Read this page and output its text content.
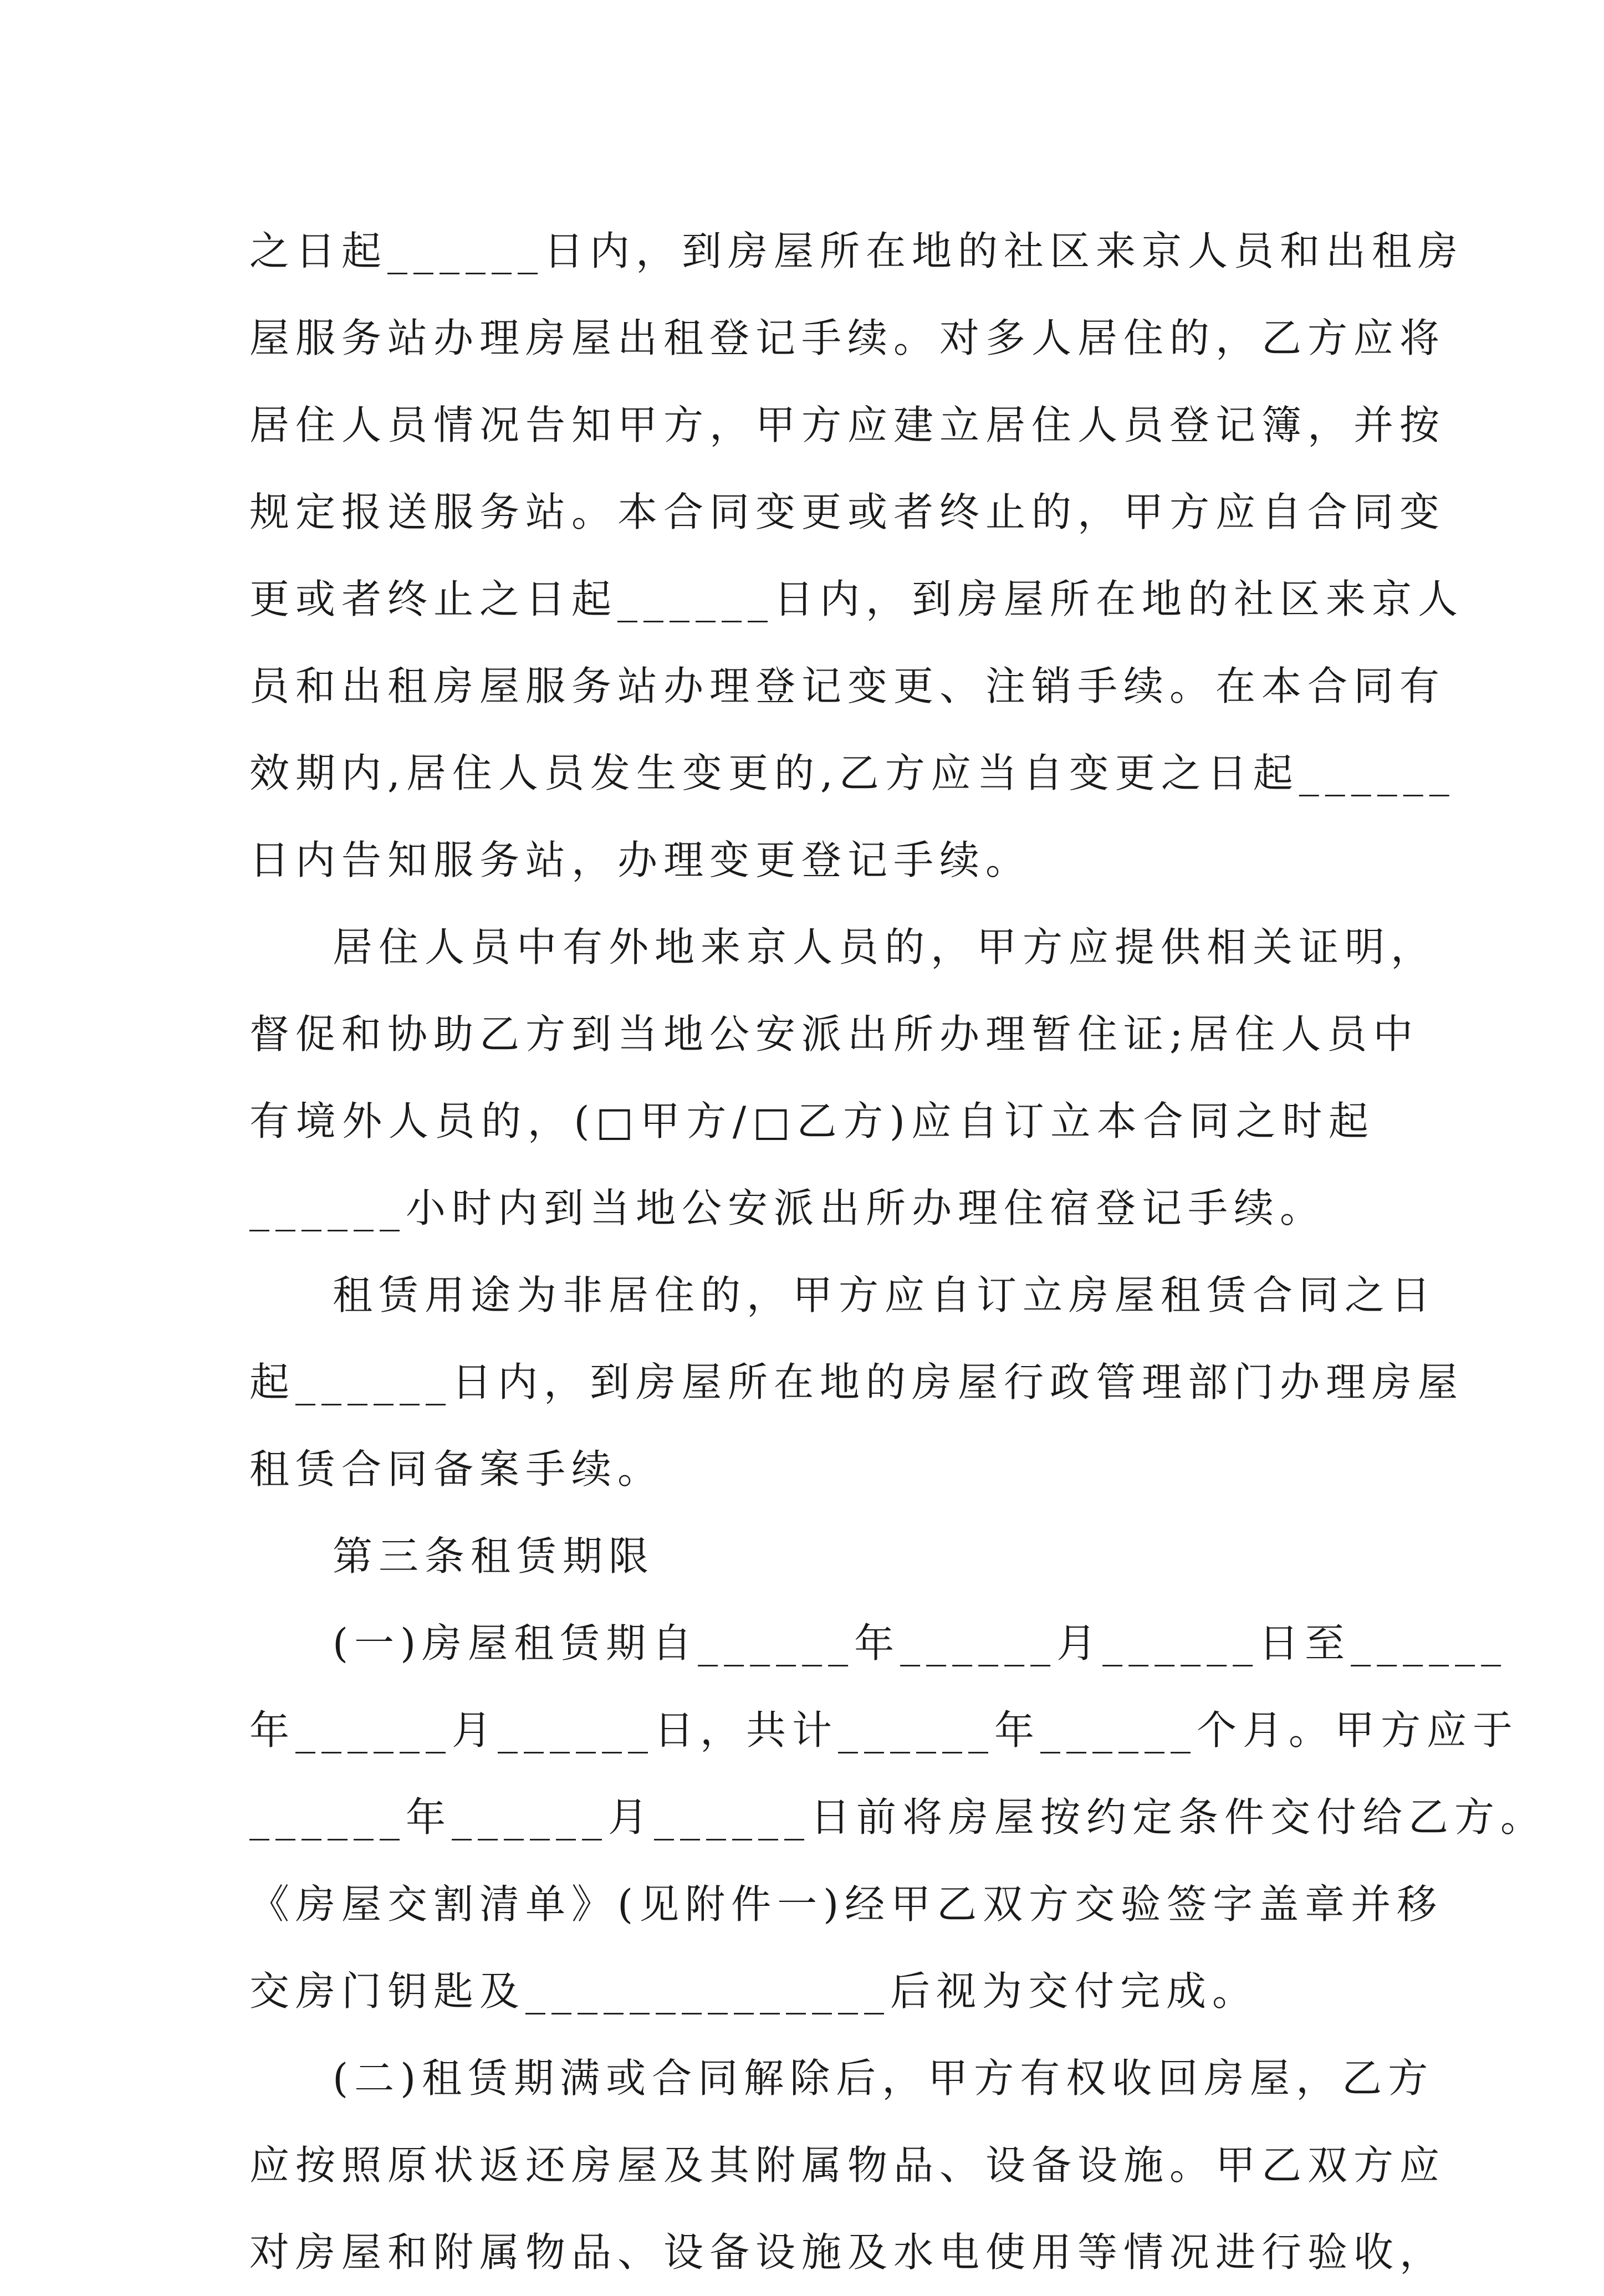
之日起______日内，到房屋所在地的社区来京人员和出租房
屋服务站办理房屋出租登记手续。对多人居住的，乙方应将
居住人员情况告知甲方，甲方应建立居住人员登记簿，并按
规定报送服务站。本合同变更或者终止的，甲方应自合同变
更或者终止之日起______日内，到房屋所在地的社区来京人
员和出租房屋服务站办理登记变更、注销手续。在本合同有
效期内,居住人员发生变更的,乙方应当自变更之日起______
日内告知服务站，办理变更登记手续。
居住人员中有外地来京人员的，甲方应提供相关证明，
督促和协助乙方到当地公安派出所办理暂住证;居住人员中
有境外人员的，(□甲方/□乙方)应自订立本合同之时起
______小时内到当地公安派出所办理住宿登记手续。
租赁用途为非居住的，甲方应自订立房屋租赁合同之日
起______日内，到房屋所在地的房屋行政管理部门办理房屋
租赁合同备案手续。
第三条租赁期限
(一)房屋租赁期自______年______月______日至______
年______月______日，共计______年______个月。甲方应于
______年______月______日前将房屋按约定条件交付给乙方。
《房屋交割清单》(见附件一)经甲乙双方交验签字盖章并移
交房门钥匙及______________后视为交付完成。
(二)租赁期满或合同解除后，甲方有权收回房屋，乙方
应按照原状返还房屋及其附属物品、设备设施。甲乙双方应
对房屋和附属物品、设备设施及水电使用等情况进行验收，
